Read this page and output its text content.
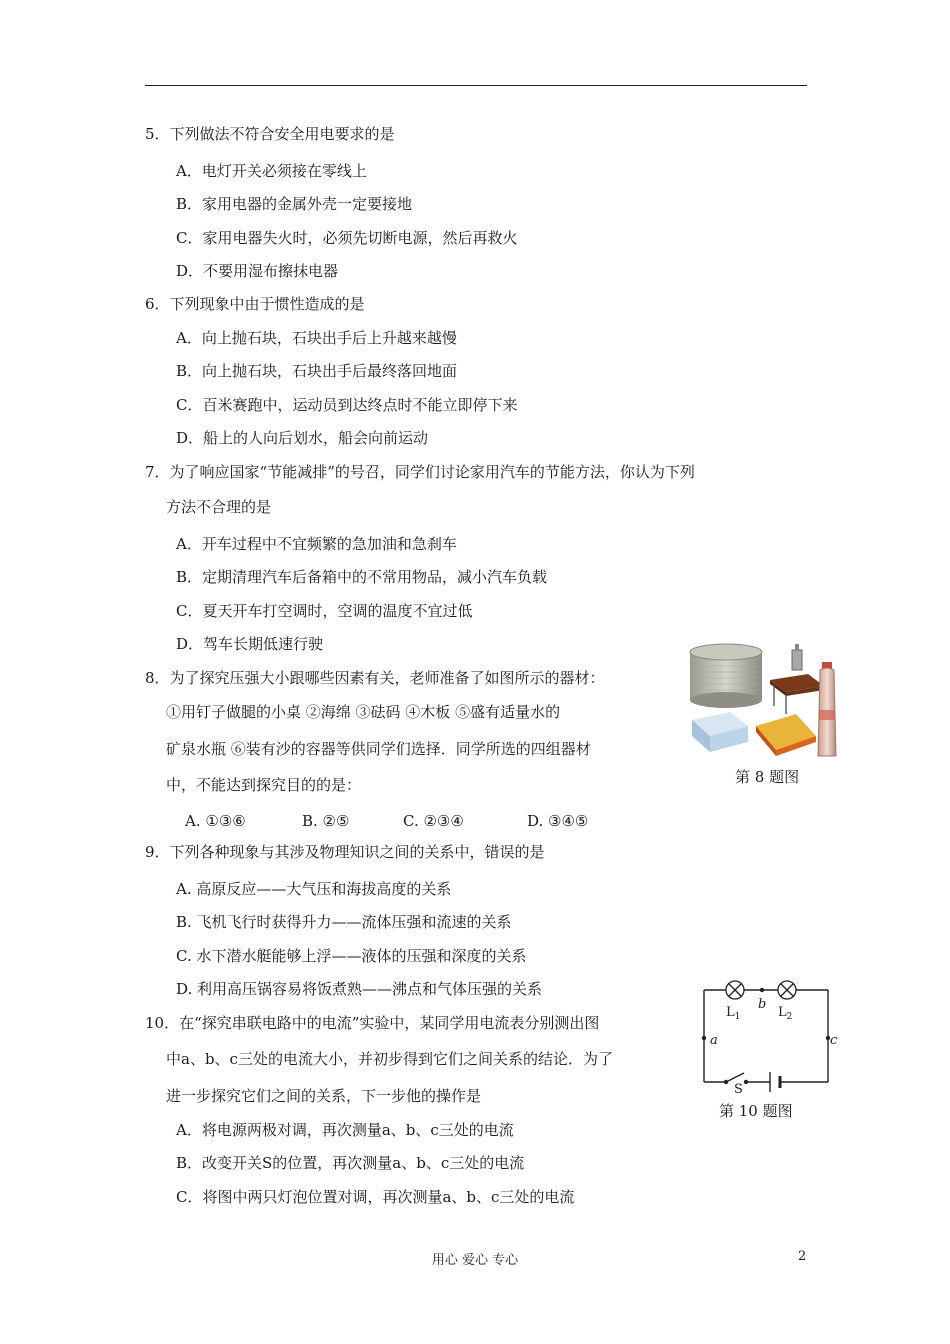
5．下列做法不符合安全用电要求的是
A．电灯开关必须接在零线上
B．家用电器的金属外壳一定要接地
C．家用电器失火时，必须先切断电源，然后再救火
D．不要用湿布擦抹电器
6．下列现象中由于惯性造成的是
A．向上抛石块，石块出手后上升越来越慢
B．向上抛石块，石块出手后最终落回地面
C．百米赛跑中，运动员到达终点时不能立即停下来
D．船上的人向后划水，船会向前运动
7．为了响应国家“节能减排”的号召，同学们讨论家用汽车的节能方法，你认为下列
方法不合理的是
A．开车过程中不宜频繁的急加油和急刹车
B．定期清理汽车后备箱中的不常用物品，减小汽车负载
C．夏天开车打空调时，空调的温度不宜过低
D．驾车长期低速行驶
8．为了探究压强大小跟哪些因素有关，老师准备了如图所示的器材：
①用钉子做腿的小桌 ②海绵 ③砝码 ④木板 ⑤盛有适量水的
矿泉水瓶 ⑥装有沙的容器等供同学们选择．同学所选的四组器材
中，不能达到探究目的的是：
A. ①③⑥	B. ②⑤	C. ②③④	D. ③④⑤
第 8 题图
9．下列各种现象与其涉及物理知识之间的关系中，错误的是
A. 高原反应——大气压和海拔高度的关系
B. 飞机飞行时获得升力——流体压强和流速的关系
C. 水下潜水艇能够上浮——液体的压强和深度的关系
D. 利用高压锅容易将饭煮熟——沸点和气体压强的关系
10．在“探究串联电路中的电流”实验中，某同学用电流表分别测出图
中a、b、c三处的电流大小，并初步得到它们之间关系的结论．为了
进一步探究它们之间的关系，下一步他的操作是
A．将电源两极对调，再次测量a、b、c三处的电流
B．改变开关S的位置，再次测量a、b、c三处的电流
C．将图中两只灯泡位置对调，再次测量a、b、c三处的电流
$L_1$	$L_2$
b
a	c
S
第 10 题图
用心 爱心 专心	2
